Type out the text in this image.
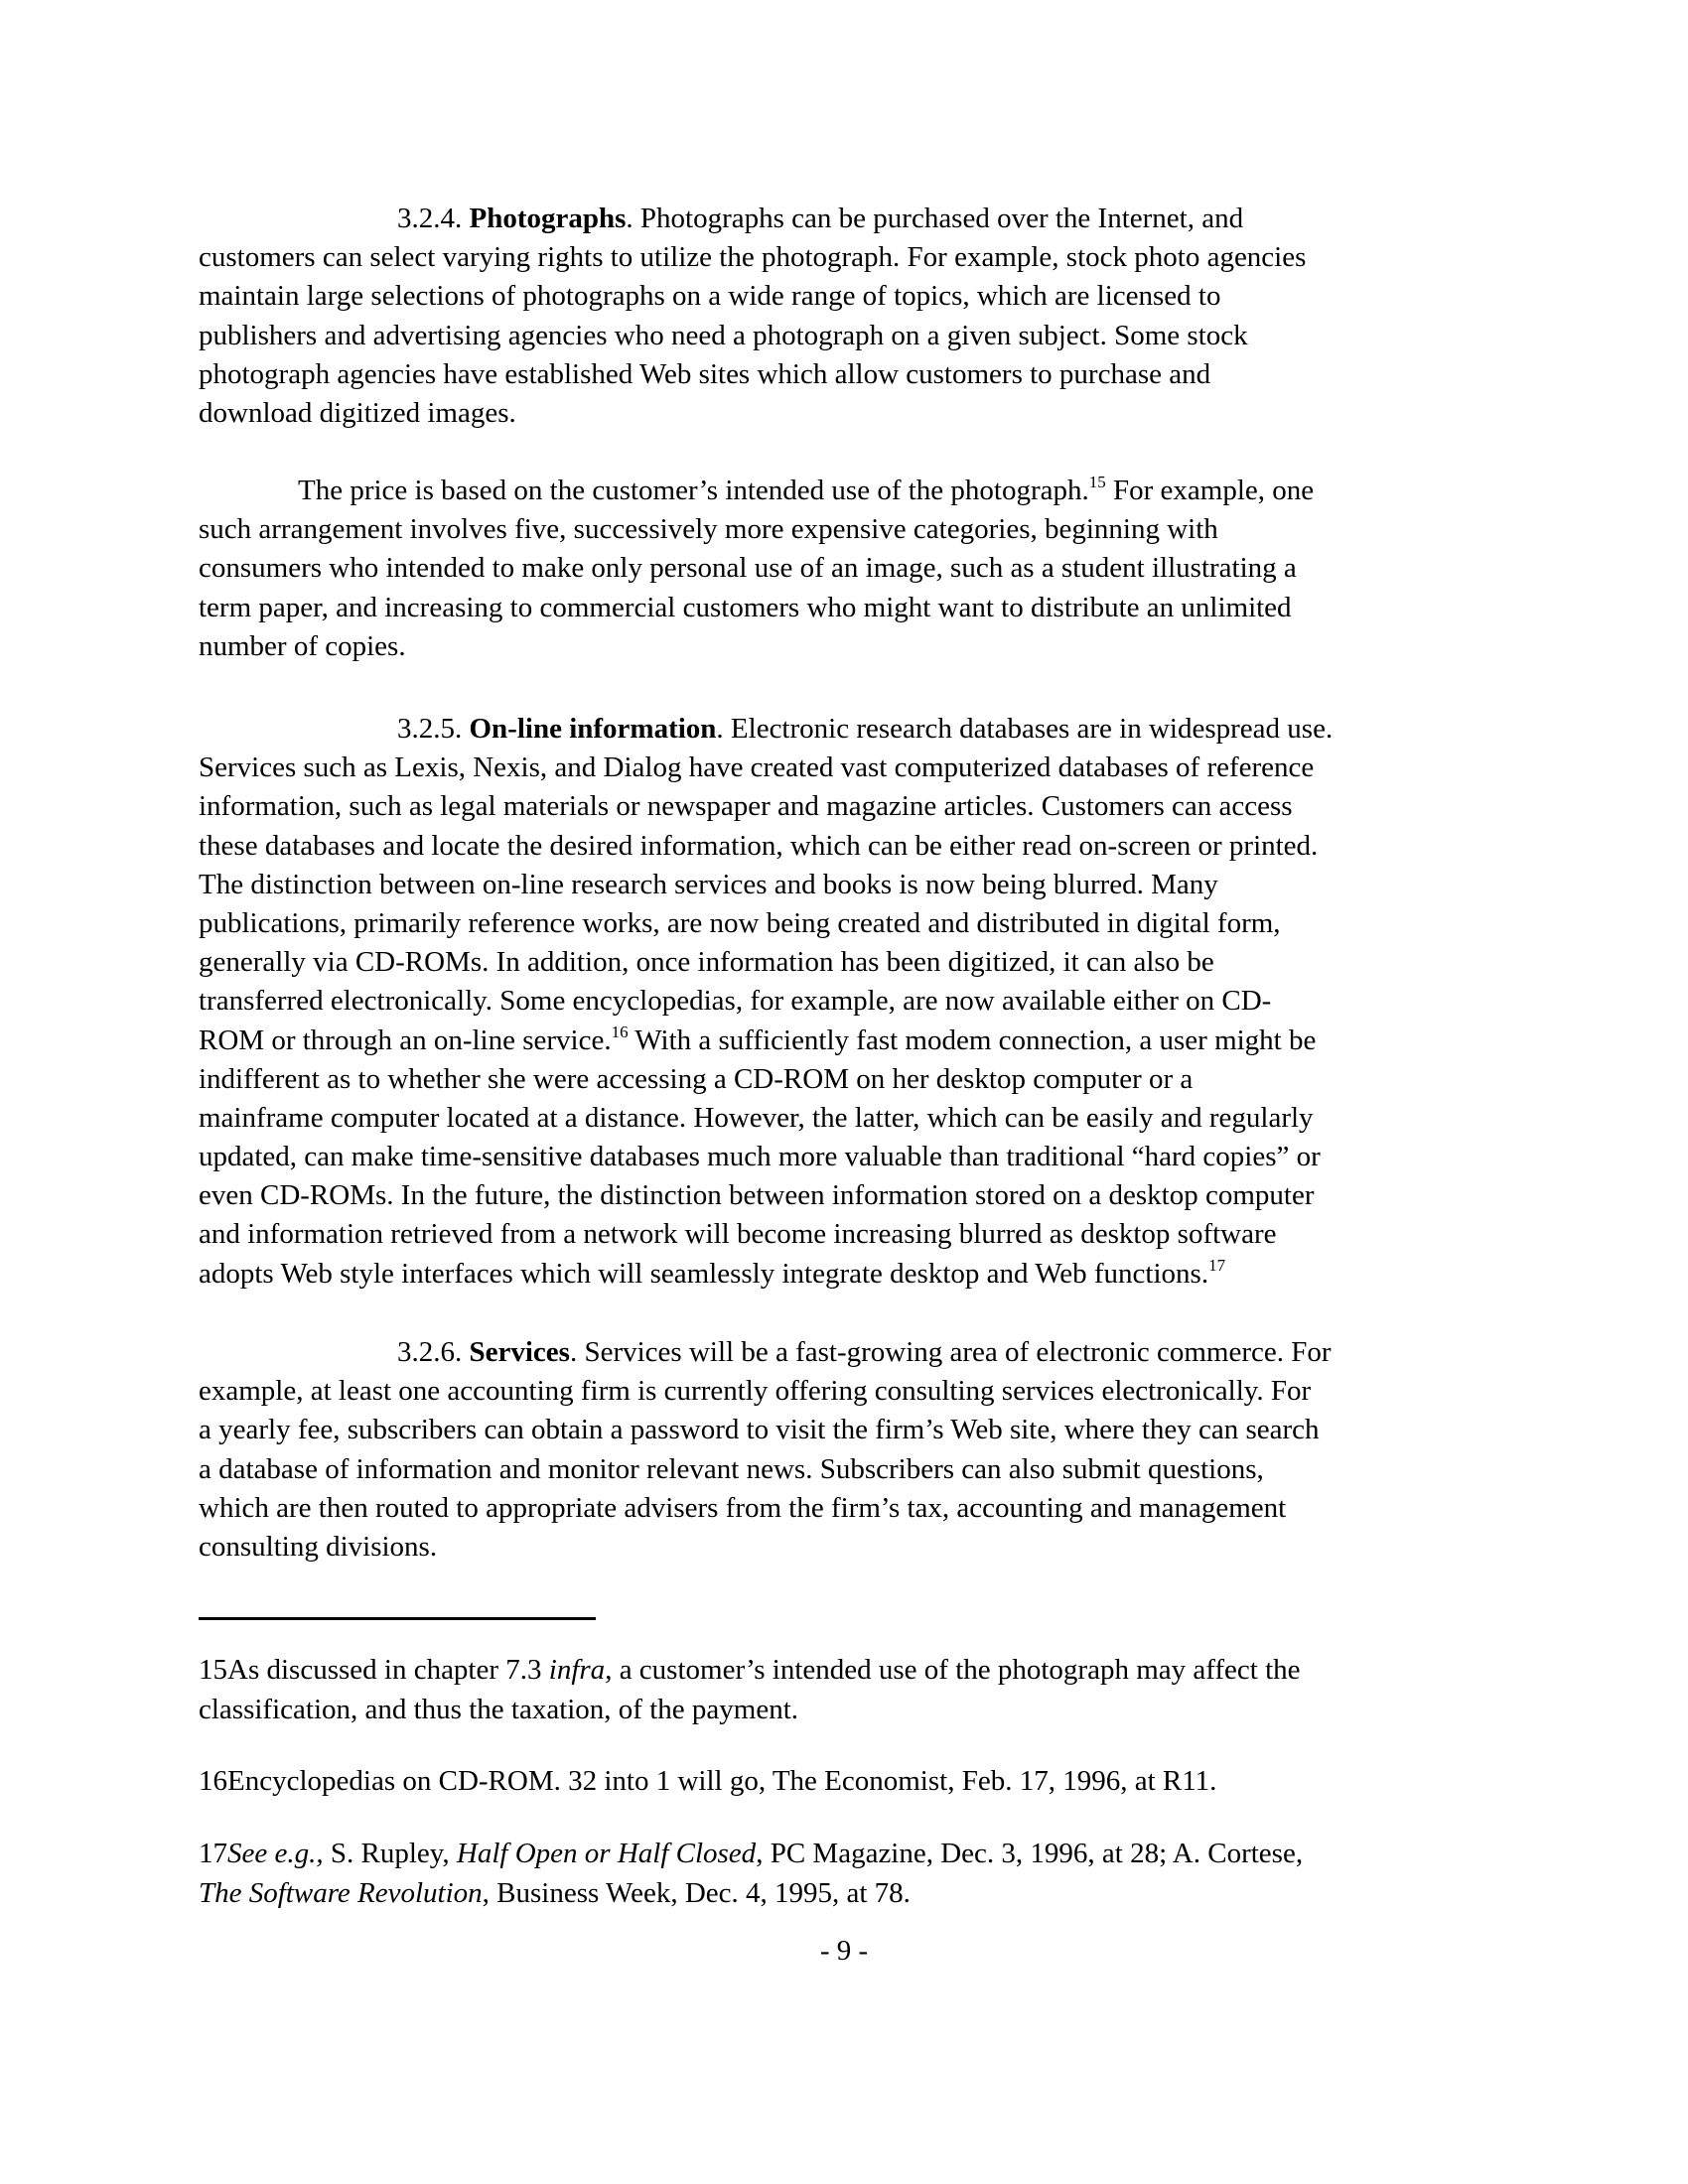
3.2.4. Photographs. Photographs can be purchased over the Internet, and
customers can select varying rights to utilize the photograph. For example, stock photo agencies
maintain large selections of photographs on a wide range of topics, which are licensed to
publishers and advertising agencies who need a photograph on a given subject. Some stock
photograph agencies have established Web sites which allow customers to purchase and
download digitized images.
The price is based on the customer’s intended use of the photograph.$^{15}$ For example, one
such arrangement involves five, successively more expensive categories, beginning with
consumers who intended to make only personal use of an image, such as a student illustrating a
term paper, and increasing to commercial customers who might want to distribute an unlimited
number of copies.
3.2.5. On-line information. Electronic research databases are in widespread use.
Services such as Lexis, Nexis, and Dialog have created vast computerized databases of reference
information, such as legal materials or newspaper and magazine articles. Customers can access
these databases and locate the desired information, which can be either read on-screen or printed.
The distinction between on-line research services and books is now being blurred. Many
publications, primarily reference works, are now being created and distributed in digital form,
generally via CD-ROMs. In addition, once information has been digitized, it can also be
transferred electronically. Some encyclopedias, for example, are now available either on CD-
ROM or through an on-line service.$^{16}$ With a sufficiently fast modem connection, a user might be
indifferent as to whether she were accessing a CD-ROM on her desktop computer or a
mainframe computer located at a distance. However, the latter, which can be easily and regularly
updated, can make time-sensitive databases much more valuable than traditional “hard copies” or
even CD-ROMs. In the future, the distinction between information stored on a desktop computer
and information retrieved from a network will become increasing blurred as desktop software
adopts Web style interfaces which will seamlessly integrate desktop and Web functions.$^{17}$
3.2.6. Services. Services will be a fast-growing area of electronic commerce. For
example, at least one accounting firm is currently offering consulting services electronically. For
a yearly fee, subscribers can obtain a password to visit the firm’s Web site, where they can search
a database of information and monitor relevant news. Subscribers can also submit questions,
which are then routed to appropriate advisers from the firm’s tax, accounting and management
consulting divisions.
15As discussed in chapter 7.3 infra, a customer’s intended use of the photograph may affect the
classification, and thus the taxation, of the payment.
16Encyclopedias on CD-ROM. 32 into 1 will go, The Economist, Feb. 17, 1996, at R11.
17See e.g., S. Rupley, Half Open or Half Closed, PC Magazine, Dec. 3, 1996, at 28; A. Cortese,
The Software Revolution, Business Week, Dec. 4, 1995, at 78.
- 9 -
